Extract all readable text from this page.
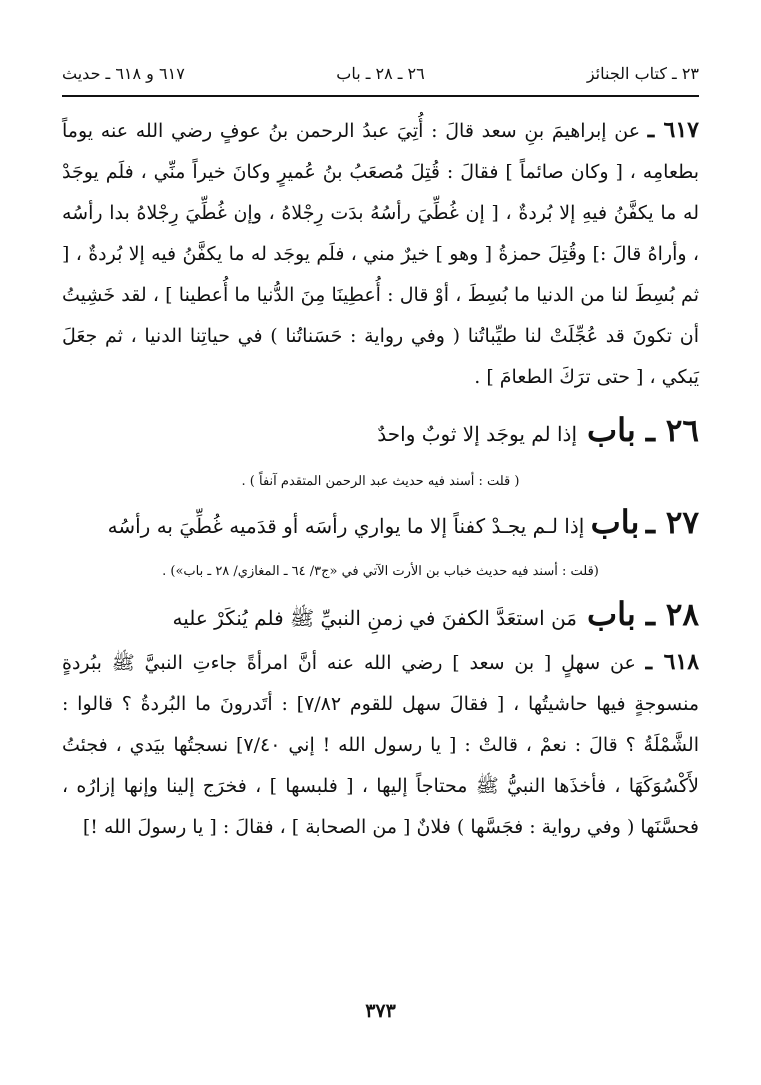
٢٣ ـ كتاب الجنائز
٢٦ ـ ٢٨ ـ باب
٦١٧ و ٦١٨ ـ حديث

٦١٧ ـ عن إبراهيمَ بنِ سعد قالَ : أُتِيَ عبدُ الرحمن بنُ عوفٍ رضي الله عنه يوماً بطعامِه ، [ وكان صائماً ] فقالَ : قُتِلَ مُصعَبُ بنُ عُميرٍ وكانَ خيراً منِّي ، فلَم يوجَدْ له ما يكفَّنُ فيهِ إلا بُردةٌ ، [ إن غُطِّيَ رأسُهُ بدَت رِجْلاهُ ، وإن غُطِّيَ رِجْلاهُ بدا رأسُه ، وأراهُ قالَ :] وقُتِلَ حمزةُ [ وهو ] خيرٌ مني ، فلَم يوجَد له ما يكفَّنُ فيه إلا بُردةٌ ، [ ثم بُسِطَ لنا من الدنيا ما بُسِطَ ، أوْ قال : أُعطِينَا مِنَ الدُّنيا ما أُعطينا ] ، لقد خَشِيتُ أن تكونَ قد عُجِّلَتْ لنا طيِّباتُنا ( وفي رواية : حَسَناتُنا ) في حياتِنا الدنيا ، ثم جعَلَ يَبكي ، [ حتى ترَكَ الطعامَ ] .

٢٦ ـ
باب
إذا لم يوجَد إلا ثوبٌ واحدٌ
( قلت : أسند فيه حديث عبد الرحمن المتقدم آنفاً ) .

٢٧ ـ باب إذا لـم يجـدْ كفناً إلا ما يواري رأسَه أو قدَميه غُطِّيَ به رأسُه

(قلت : أسند فيه حديث خباب بن الأرت الآتي في «ج٣/ ٦٤ ـ المغازي/ ٢٨ ـ باب») .
٢٨ ـ
باب
مَن استعَدَّ الكفنَ في زمنِ النبيِّ ﷺ فلم يُنكَرْ عليه

٦١٨ ـ عن سهلٍ [ بن سعد ] رضي الله عنه أنَّ امرأةً جاءتِ النبيَّ ﷺ ببُردةٍ منسوجةٍ فيها حاشيتُها ، [ فقالَ سهل للقوم ٧/٨٢] : أتَدرونَ ما البُردةُ ؟ قالوا : الشَّمْلَةُ ؟ قالَ : نعمْ ، قالتْ : [ يا رسول الله ! إني ٧/٤٠] نسجتُها بيَدي ، فجئتُ لأَكْسُوَكَهَا ، فأخذَها النبيُّ ﷺ محتاجاً إليها ، [ فلبسها ] ، فخرَج إلينا وإنها إزارُه ، فحسَّنَها ( وفي رواية : فجَسَّها ) فلانٌ [ من الصحابة ] ، فقالَ : [ يا رسولَ الله !]

٣٧٣
